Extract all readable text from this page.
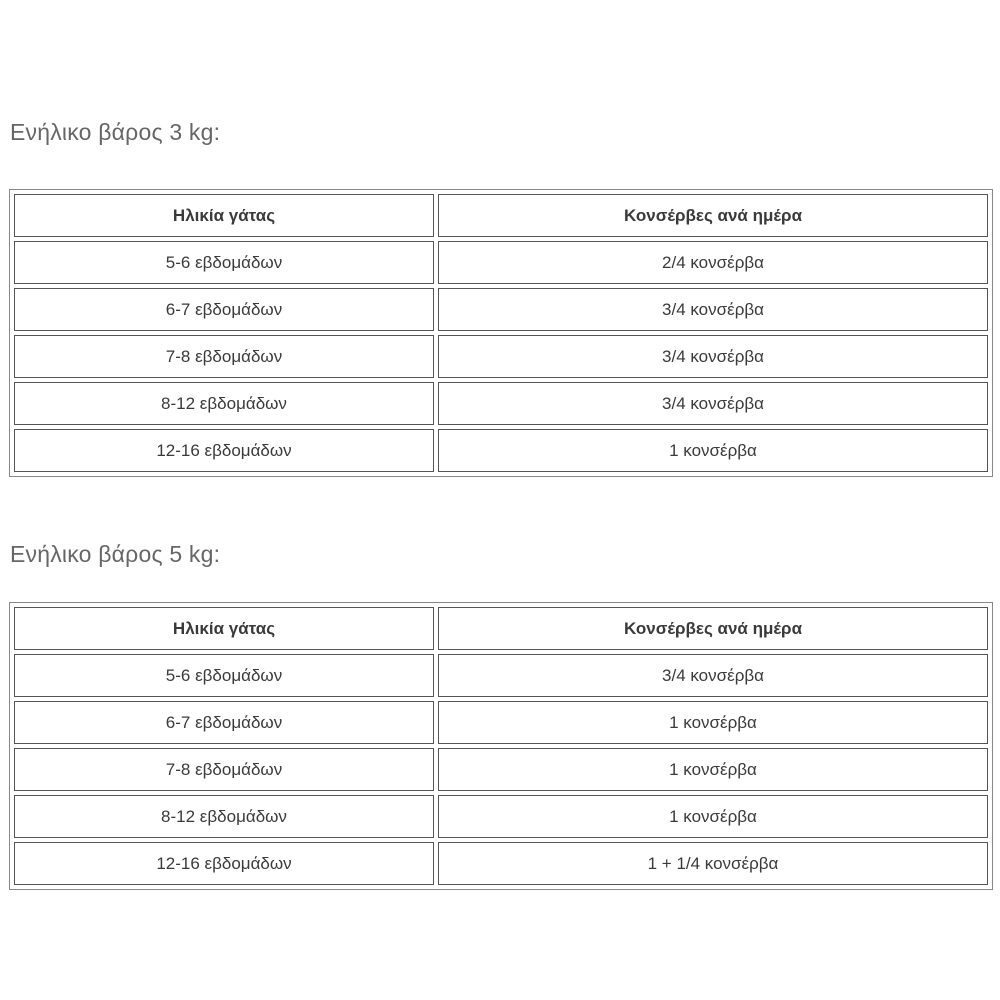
Ενήλικο βάρος 3 kg:
Ηλικία γάτας	Κονσέρβες ανά ημέρα
5-6 εβδομάδων	2/4 κονσέρβα
6-7 εβδομάδων	3/4 κονσέρβα
7-8 εβδομάδων	3/4 κονσέρβα
8-12 εβδομάδων	3/4 κονσέρβα
12-16 εβδομάδων	1 κονσέρβα
Ενήλικο βάρος 5 kg:
Ηλικία γάτας	Κονσέρβες ανά ημέρα
5-6 εβδομάδων	3/4 κονσέρβα
6-7 εβδομάδων	1 κονσέρβα
7-8 εβδομάδων	1 κονσέρβα
8-12 εβδομάδων	1 κονσέρβα
12-16 εβδομάδων	1 + 1/4 κονσέρβα
